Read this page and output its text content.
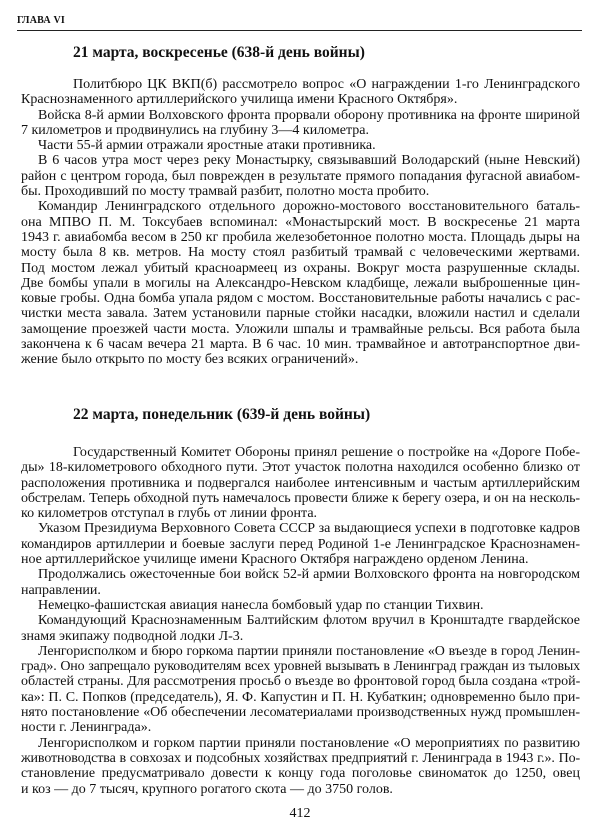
ГЛАВА VI
21 марта, воскресенье (638-й день войны)
Политбюро ЦК ВКП(б) рассмотрело вопрос «О награждении 1-го Ленинградского
Краснознаменного артиллерийского училища имени Красного Октября».
Войска 8-й армии Волховского фронта прорвали оборону противника на фронте шириной
7 километров и продвинулись на глубину 3—4 километра.
Части 55-й армии отражали яростные атаки противника.
В 6 часов утра мост через реку Монастырку, связывавший Володарский (ныне Невский)
район с центром города, был поврежден в результате прямого попадания фугасной авиабом-
бы. Проходивший по мосту трамвай разбит, полотно моста пробито.
Командир Ленинградского отдельного дорожно-мостового восстановительного баталь-
она МПВО П. М. Токсубаев вспоминал: «Монастырский мост. В воскресенье 21 марта
1943 г. авиабомба весом в 250 кг пробила железобетонное полотно моста. Площадь дыры на
мосту была 8 кв. метров. На мосту стоял разбитый трамвай с человеческими жертвами.
Под мостом лежал убитый красноармеец из охраны. Вокруг моста разрушенные склады.
Две бомбы упали в могилы на Александро-Невском кладбище, лежали выброшенные цин-
ковые гробы. Одна бомба упала рядом с мостом. Восстановительные работы начались с рас-
чистки места завала. Затем установили парные стойки насадки, вложили настил и сделали
замощение проезжей части моста. Уложили шпалы и трамвайные рельсы. Вся работа была
закончена к 6 часам вечера 21 марта. В 6 час. 10 мин. трамвайное и автотранспортное дви-
жение было открыто по мосту без всяких ограничений».
22 марта, понедельник (639-й день войны)
Государственный Комитет Обороны принял решение о постройке на «Дороге Побе-
ды» 18-километрового обходного пути. Этот участок полотна находился особенно близко от
расположения противника и подвергался наиболее интенсивным и частым артиллерийским
обстрелам. Теперь обходной путь намечалось провести ближе к берегу озера, и он на несколь-
ко километров отступал в глубь от линии фронта.
Указом Президиума Верховного Совета СССР за выдающиеся успехи в подготовке кадров
командиров артиллерии и боевые заслуги перед Родиной 1-е Ленинградское Краснознамен-
ное артиллерийское училище имени Красного Октября награждено орденом Ленина.
Продолжались ожесточенные бои войск 52-й армии Волховского фронта на новгородском
направлении.
Немецко-фашистская авиация нанесла бомбовый удар по станции Тихвин.
Командующий Краснознаменным Балтийским флотом вручил в Кронштадте гвардейское
знамя экипажу подводной лодки Л-3.
Ленгорисполком и бюро горкома партии приняли постановление «О въезде в город Ленин-
град». Оно запрещало руководителям всех уровней вызывать в Ленинград граждан из тыловых
областей страны. Для рассмотрения просьб о въезде во фронтовой город была создана «трой-
ка»: П. С. Попков (председатель), Я. Ф. Капустин и П. Н. Кубаткин; одновременно было при-
нято постановление «Об обеспечении лесоматериалами производственных нужд промышлен-
ности г. Ленинграда».
Ленгорисполком и горком партии приняли постановление «О мероприятиях по развитию
животноводства в совхозах и подсобных хозяйствах предприятий г. Ленинграда в 1943 г.». По-
становление предусматривало довести к концу года поголовье свиноматок до 1250, овец
и коз — до 7 тысяч, крупного рогатого скота — до 3750 голов.
412
